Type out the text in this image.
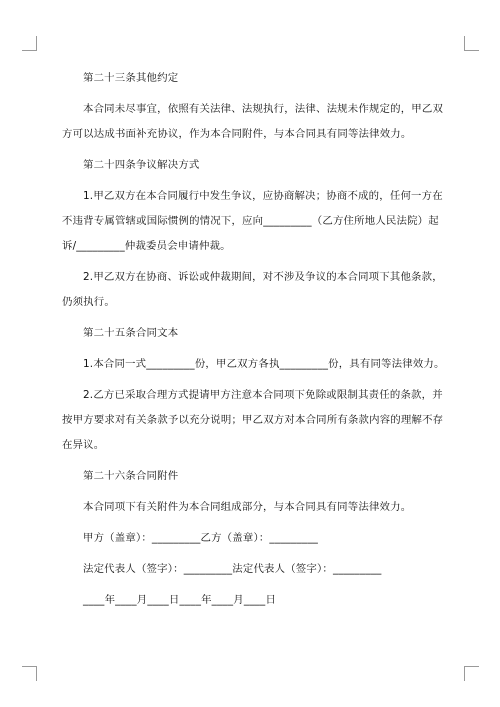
第二十三条其他约定

本合同未尽事宜，依照有关法律、法规执行，法律、法规未作规定的，甲乙双方可以达成书面补充协议，作为本合同附件，与本合同具有同等法律效力。

第二十四条争议解决方式

1.甲乙双方在本合同履行中发生争议，应协商解决；协商不成的，任何一方在不违背专属管辖或国际惯例的情况下，应向_________（乙方住所地人民法院）起诉/_________仲裁委员会申请仲裁。

2.甲乙双方在协商、诉讼或仲裁期间，对不涉及争议的本合同项下其他条款，仍须执行。

第二十五条合同文本

1.本合同一式_________份，甲乙双方各执_________份，具有同等法律效力。

2.乙方已采取合理方式提请甲方注意本合同项下免除或限制其责任的条款，并按甲方要求对有关条款予以充分说明；甲乙双方对本合同所有条款内容的理解不存在异议。

第二十六条合同附件

本合同项下有关附件为本合同组成部分，与本合同具有同等法律效力。

甲方（盖章）：_________乙方（盖章）：_________

法定代表人（签字）：_________法定代表人（签字）：_________

____年____月____日____年____月____日
